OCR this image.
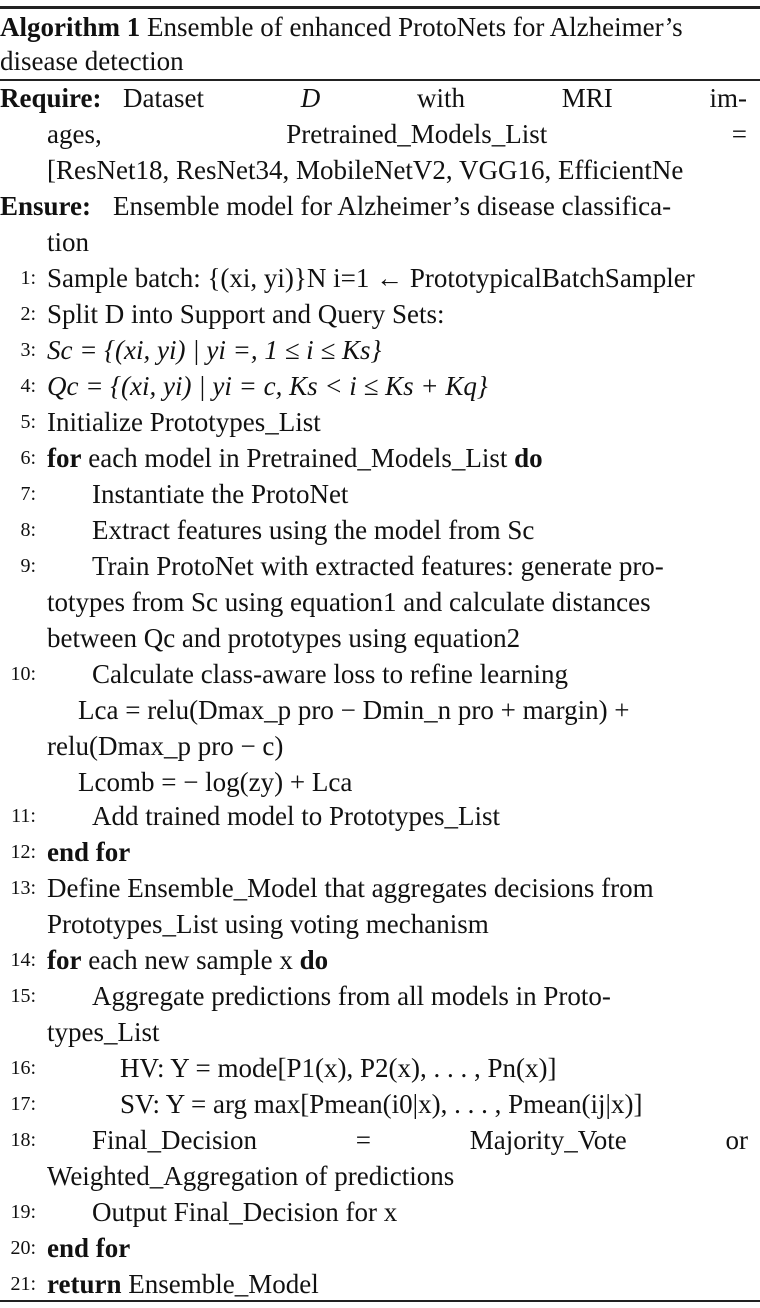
Algorithm 1 Ensemble of enhanced ProtoNets for Alzheimer’s
disease detection
Require: Dataset	D	with	MRI	im-
ages,	Pretrained_Models_List	=
[ResNet18, ResNet34, MobileNetV2, VGG16, EfficientNe
Ensure: Ensemble model for Alzheimer’s disease classifica-
tion
1: Sample batch: {(xi, yi)}N i=1 ← PrototypicalBatchSampler
2: Split D into Support and Query Sets:
3: Sc = {(xi, yi) | yi =, 1 ≤ i ≤ Ks}
4: Qc = {(xi, yi) | yi = c, Ks < i ≤ Ks + Kq}
5: Initialize Prototypes_List
6: for each model in Pretrained_Models_List do
7: Instantiate the ProtoNet
8: Extract features using the model from Sc
9: Train ProtoNet with extracted features: generate pro-
totypes from Sc using equation1 and calculate distances
between Qc and prototypes using equation2
10: Calculate class-aware loss to refine learning
Lca = relu(Dmax_p pro − Dmin_n pro + margin) +
relu(Dmax_p pro − c)
Lcomb = − log(zy) + Lca
11: Add trained model to Prototypes_List
12: end for
13: Define Ensemble_Model that aggregates decisions from
Prototypes_List using voting mechanism
14: for each new sample x do
15: Aggregate predictions from all models in Proto-
types_List
16:	HV: Y = mode[P1(x), P2(x), . . . , Pn(x)]
17:	SV: Y = arg max[Pmean(i0|x), . . . , Pmean(ij|x)]
18: Final_Decision	=	Majority_Vote	or
Weighted_Aggregation of predictions
19: Output Final_Decision for x
20: end for
21: return Ensemble_Model
